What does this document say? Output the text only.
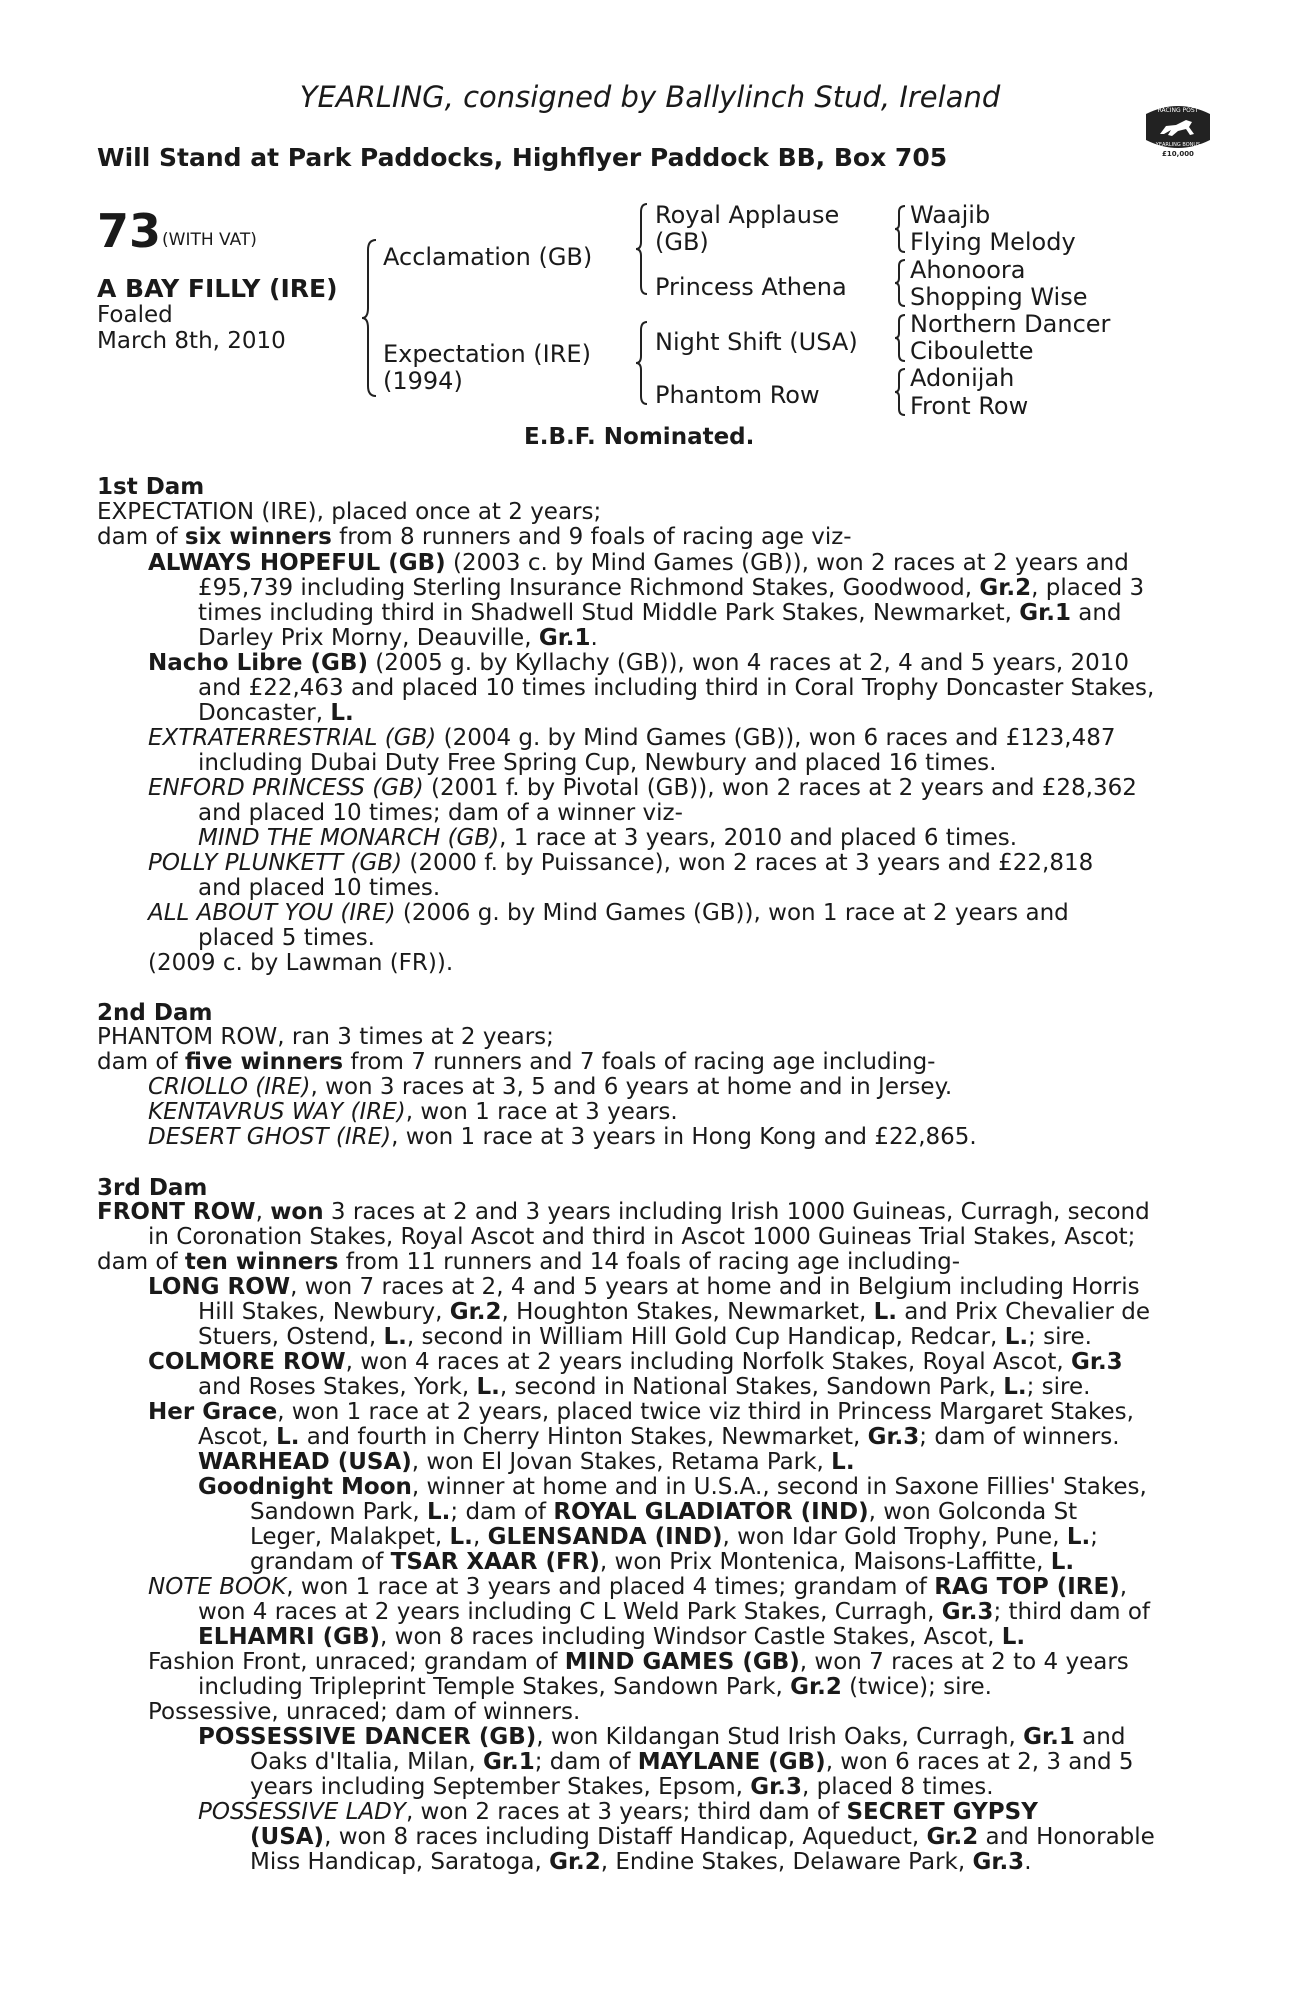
YEARLING, consigned by Ballylinch Stud, Ireland
Will Stand at Park Paddocks, Highflyer Paddock BB, Box 705
RACING POST
YEARLING BONUS
£10,000
73 (WITH VAT)
A BAY FILLY (IRE)
Foaled
March 8th, 2010
Acclamation (GB)
Expectation (IRE)
(1994)
Royal Applause
(GB)
Princess Athena
Night Shift (USA)
Phantom Row
Waajib
Flying Melody
Ahonoora
Shopping Wise
Northern Dancer
Ciboulette
Adonijah
Front Row
E.B.F. Nominated.
1st Dam
EXPECTATION (IRE), placed once at 2 years;
dam of six winners from 8 runners and 9 foals of racing age viz-
ALWAYS HOPEFUL (GB) (2003 c. by Mind Games (GB)), won 2 races at 2 years and
£95,739 including Sterling Insurance Richmond Stakes, Goodwood, Gr.2, placed 3
times including third in Shadwell Stud Middle Park Stakes, Newmarket, Gr.1 and
Darley Prix Morny, Deauville, Gr.1.
Nacho Libre (GB) (2005 g. by Kyllachy (GB)), won 4 races at 2, 4 and 5 years, 2010
and £22,463 and placed 10 times including third in Coral Trophy Doncaster Stakes,
Doncaster, L.
EXTRATERRESTRIAL (GB) (2004 g. by Mind Games (GB)), won 6 races and £123,487
including Dubai Duty Free Spring Cup, Newbury and placed 16 times.
ENFORD PRINCESS (GB) (2001 f. by Pivotal (GB)), won 2 races at 2 years and £28,362
and placed 10 times; dam of a winner viz-
MIND THE MONARCH (GB), 1 race at 3 years, 2010 and placed 6 times.
POLLY PLUNKETT (GB) (2000 f. by Puissance), won 2 races at 3 years and £22,818
and placed 10 times.
ALL ABOUT YOU (IRE) (2006 g. by Mind Games (GB)), won 1 race at 2 years and
placed 5 times.
(2009 c. by Lawman (FR)).
2nd Dam
PHANTOM ROW, ran 3 times at 2 years;
dam of five winners from 7 runners and 7 foals of racing age including-
CRIOLLO (IRE), won 3 races at 3, 5 and 6 years at home and in Jersey.
KENTAVRUS WAY (IRE), won 1 race at 3 years.
DESERT GHOST (IRE), won 1 race at 3 years in Hong Kong and £22,865.
3rd Dam
FRONT ROW, won 3 races at 2 and 3 years including Irish 1000 Guineas, Curragh, second
in Coronation Stakes, Royal Ascot and third in Ascot 1000 Guineas Trial Stakes, Ascot;
dam of ten winners from 11 runners and 14 foals of racing age including-
LONG ROW, won 7 races at 2, 4 and 5 years at home and in Belgium including Horris
Hill Stakes, Newbury, Gr.2, Houghton Stakes, Newmarket, L. and Prix Chevalier de
Stuers, Ostend, L., second in William Hill Gold Cup Handicap, Redcar, L.; sire.
COLMORE ROW, won 4 races at 2 years including Norfolk Stakes, Royal Ascot, Gr.3
and Roses Stakes, York, L., second in National Stakes, Sandown Park, L.; sire.
Her Grace, won 1 race at 2 years, placed twice viz third in Princess Margaret Stakes,
Ascot, L. and fourth in Cherry Hinton Stakes, Newmarket, Gr.3; dam of winners.
WARHEAD (USA), won El Jovan Stakes, Retama Park, L.
Goodnight Moon, winner at home and in U.S.A., second in Saxone Fillies' Stakes,
Sandown Park, L.; dam of ROYAL GLADIATOR (IND), won Golconda St
Leger, Malakpet, L., GLENSANDA (IND), won Idar Gold Trophy, Pune, L.;
grandam of TSAR XAAR (FR), won Prix Montenica, Maisons-Laffitte, L.
NOTE BOOK, won 1 race at 3 years and placed 4 times; grandam of RAG TOP (IRE),
won 4 races at 2 years including C L Weld Park Stakes, Curragh, Gr.3; third dam of
ELHAMRI (GB), won 8 races including Windsor Castle Stakes, Ascot, L.
Fashion Front, unraced; grandam of MIND GAMES (GB), won 7 races at 2 to 4 years
including Tripleprint Temple Stakes, Sandown Park, Gr.2 (twice); sire.
Possessive, unraced; dam of winners.
POSSESSIVE DANCER (GB), won Kildangan Stud Irish Oaks, Curragh, Gr.1 and
Oaks d'Italia, Milan, Gr.1; dam of MAYLANE (GB), won 6 races at 2, 3 and 5
years including September Stakes, Epsom, Gr.3, placed 8 times.
POSSESSIVE LADY, won 2 races at 3 years; third dam of SECRET GYPSY
(USA), won 8 races including Distaff Handicap, Aqueduct, Gr.2 and Honorable
Miss Handicap, Saratoga, Gr.2, Endine Stakes, Delaware Park, Gr.3.
